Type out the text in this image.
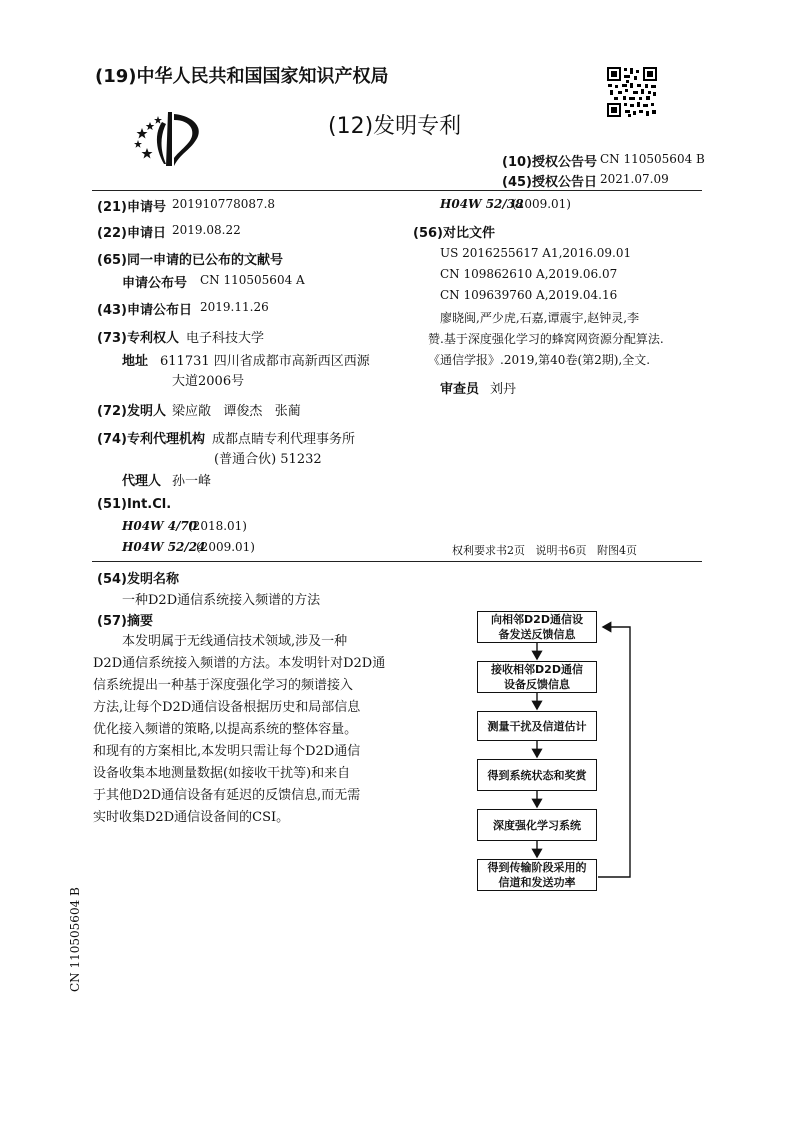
(19)中华人民共和国国家知识产权局
(12)发明专利
(10)授权公告号 CN 110505604 B
(45)授权公告日 2021.07.09
(21)申请号 201910778087.8
(22)申请日 2019.08.22
(65)同一申请的已公布的文献号
申请公布号 CN 110505604 A
(43)申请公布日 2019.11.26
(73)专利权人 电子科技大学
地址 611731 四川省成都市高新西区西源
大道2006号
(72)发明人 梁应敞   谭俊杰   张蔺
(74)专利代理机构 成都点睛专利代理事务所
(普通合伙) 51232
代理人 孙一峰
(51)Int.Cl.
H04W 4/70
(2018.01)
H04W 52/24
(2009.01)
H04W 52/38
(2009.01)
(56)对比文件
US 2016255617 A1,2016.09.01
CN 109862610 A,2019.06.07
CN 109639760 A,2019.04.16
廖晓闽,严少虎,石嘉,谭震宇,赵钟灵,李
赞.基于深度强化学习的蜂窝网资源分配算法.
《通信学报》.2019,第40卷(第2期),全文.
审查员 刘丹
权利要求书2页   说明书6页   附图4页
(54)发明名称
一种D2D通信系统接入频谱的方法
(57)摘要
本发明属于无线通信技术领域,涉及一种
D2D通信系统接入频谱的方法。本发明针对D2D通
信系统提出一种基于深度强化学习的频谱接入
方法,让每个D2D通信设备根据历史和局部信息
优化接入频谱的策略,以提高系统的整体容量。
和现有的方案相比,本发明只需让每个D2D通信
设备收集本地测量数据(如接收干扰等)和来自
于其他D2D通信设备有延迟的反馈信息,而无需
实时收集D2D通信设备间的CSI。
向相邻D2D通信设备发送反馈信息
接收相邻D2D通信设备反馈信息
测量干扰及信道估计
得到系统状态和奖赏
深度强化学习系统
得到传输阶段采用的信道和发送功率
CN 110505604 B
